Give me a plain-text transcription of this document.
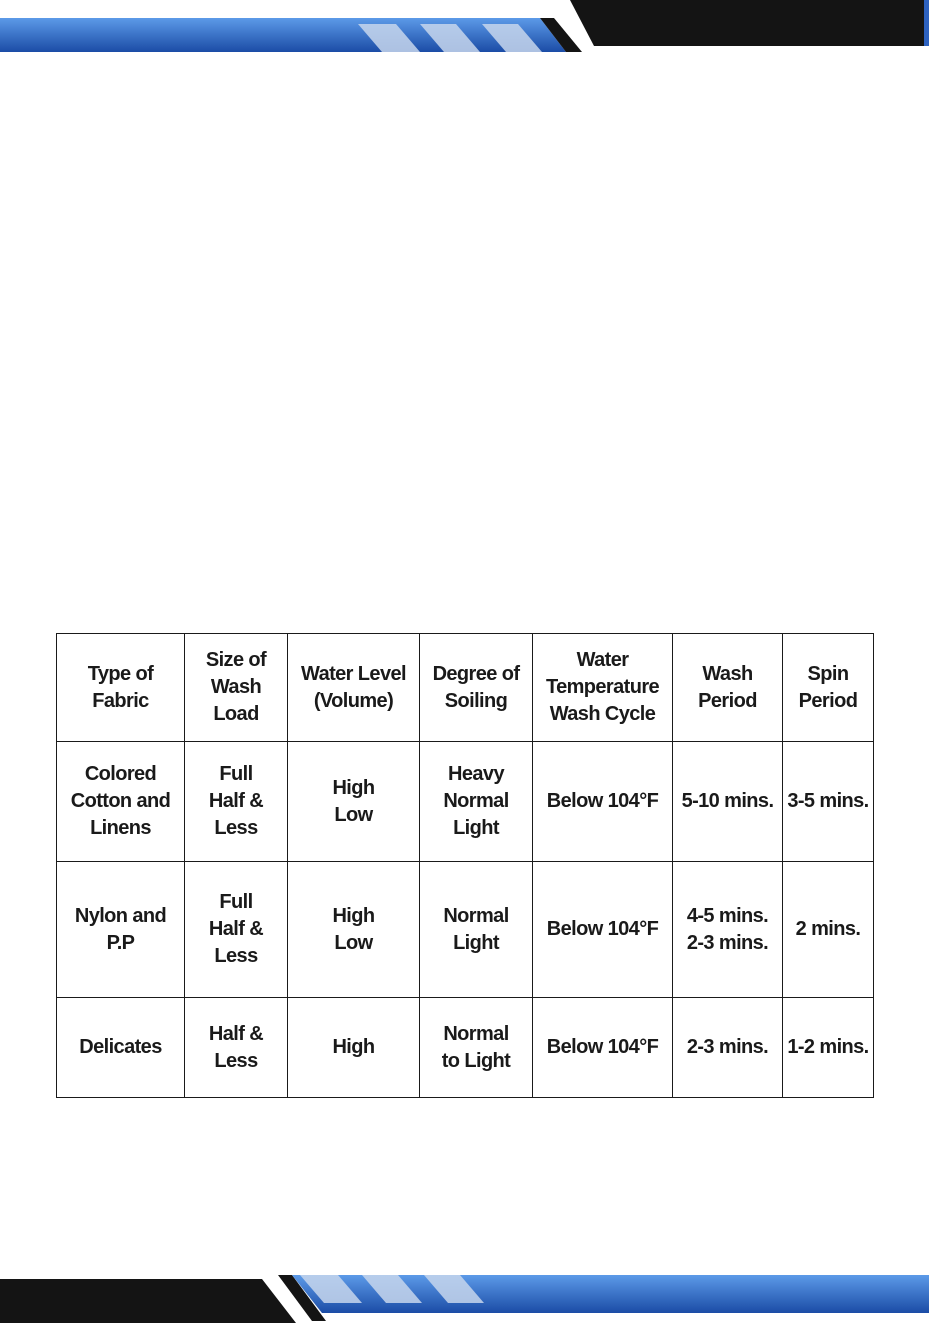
Type of
Fabric	Size of
Wash
Load	Water Level
(Volume)	Degree of
Soiling	Water
Temperature
Wash Cycle	Wash
Period	Spin
Period
Colored
Cotton and
Linens	Full
Half &
Less	High
Low	Heavy
Normal
Light	Below 104°F	5-10 mins.	3-5 mins.
Nylon and
P.P	Full
Half &
Less	High
Low	Normal
Light	Below 104°F	4-5 mins.
2-3 mins.	2 mins.
Delicates	Half &
Less	High	Normal
to Light	Below 104°F	2-3 mins.	1-2 mins.
